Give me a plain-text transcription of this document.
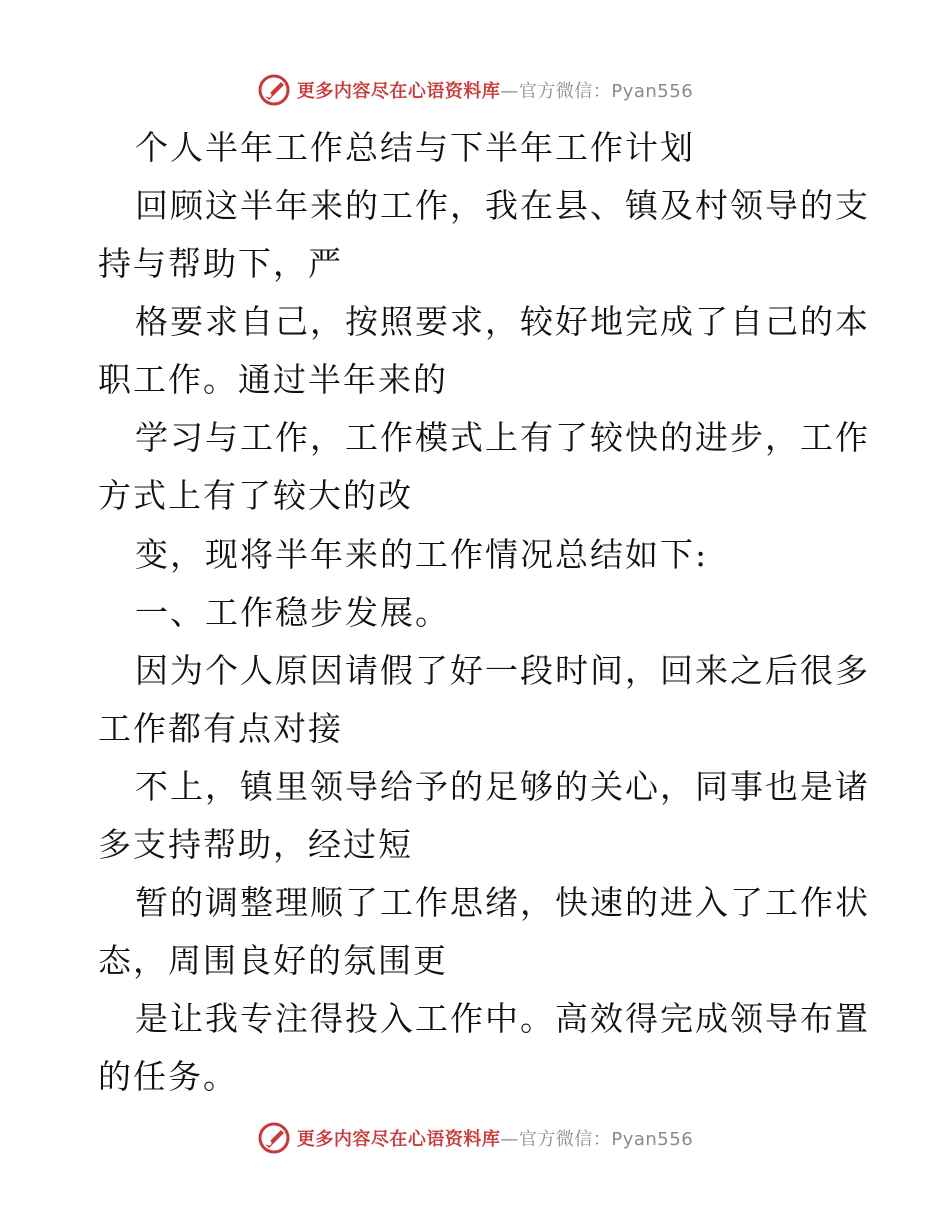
更多内容尽在心语资料库—官方微信：Pyan556
个人半年工作总结与下半年工作计划
回顾这半年来的工作，我在县、镇及村领导的支
持与帮助下，严
格要求自己，按照要求，较好地完成了自己的本
职工作。通过半年来的
学习与工作，工作模式上有了较快的进步，工作
方式上有了较大的改
变，现将半年来的工作情况总结如下:
一、工作稳步发展。
因为个人原因请假了好一段时间，回来之后很多
工作都有点对接
不上，镇里领导给予的足够的关心，同事也是诸
多支持帮助，经过短
暂的调整理顺了工作思绪，快速的进入了工作状
态，周围良好的氛围更
是让我专注得投入工作中。高效得完成领导布置
的任务。
更多内容尽在心语资料库—官方微信：Pyan556
